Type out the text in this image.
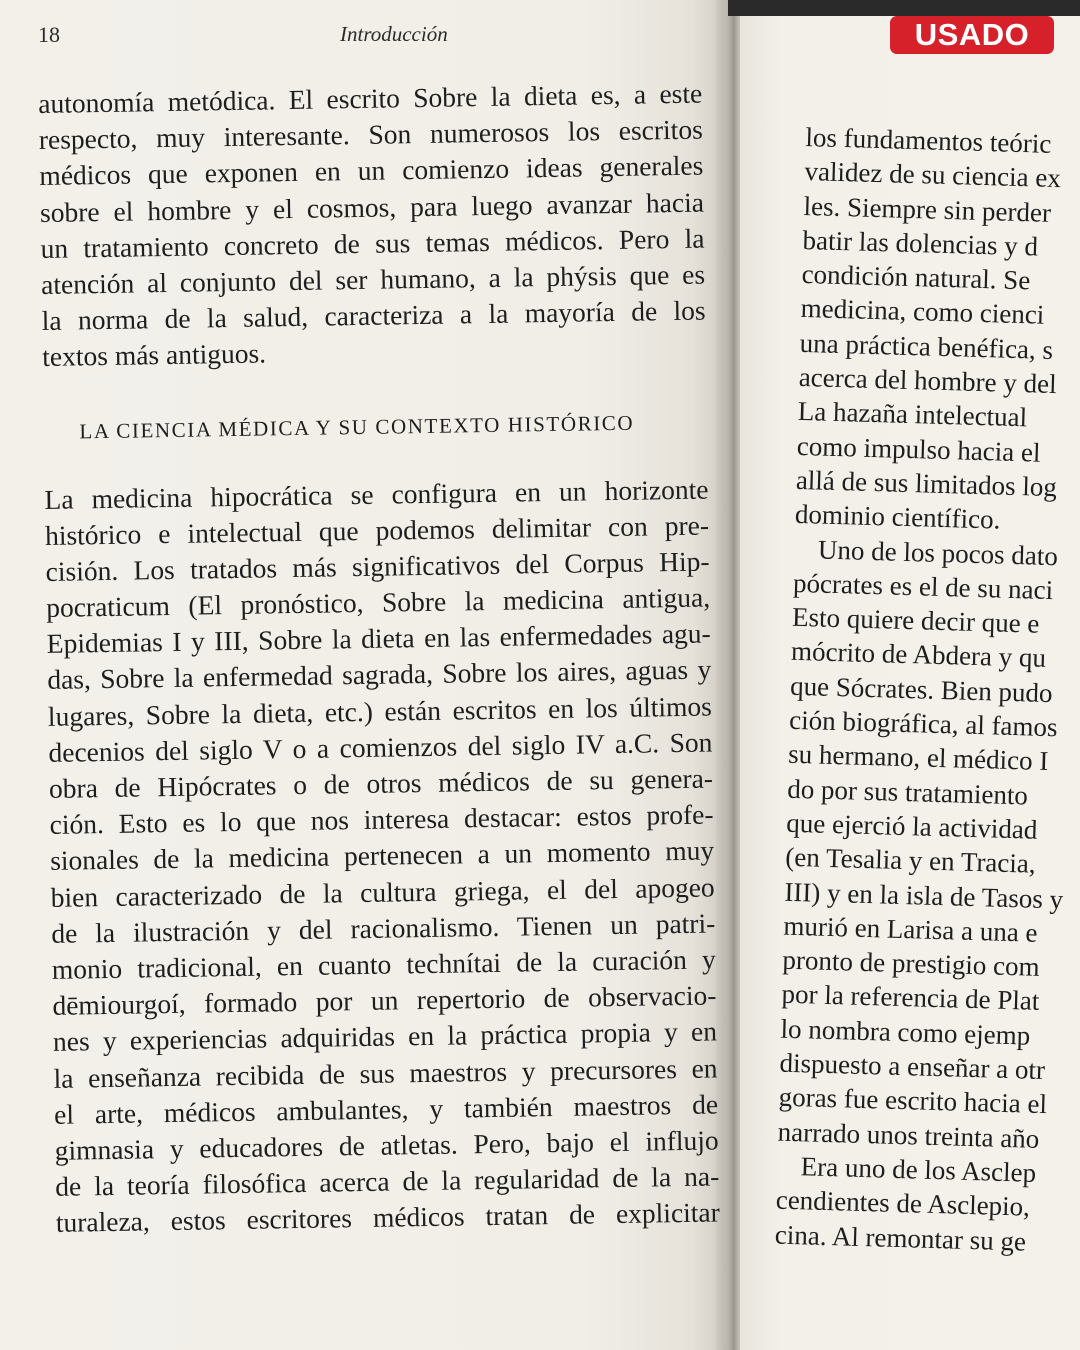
18	Introducción	USADO
autonomía metódica. El escrito Sobre la dieta es, a este
respecto, muy interesante. Son numerosos los escritos
médicos que exponen en un comienzo ideas generales
sobre el hombre y el cosmos, para luego avanzar hacia
un tratamiento concreto de sus temas médicos. Pero la
atención al conjunto del ser humano, a la phýsis que es
la norma de la salud, caracteriza a la mayoría de los
textos más antiguos.
LA CIENCIA MÉDICA Y SU CONTEXTO HISTÓRICO
La medicina hipocrática se configura en un horizonte
histórico e intelectual que podemos delimitar con pre-
cisión. Los tratados más significativos del Corpus Hip-
pocraticum (El pronóstico, Sobre la medicina antigua,
Epidemias I y III, Sobre la dieta en las enfermedades agu-
das, Sobre la enfermedad sagrada, Sobre los aires, aguas y
lugares, Sobre la dieta, etc.) están escritos en los últimos
decenios del siglo V o a comienzos del siglo IV a.C. Son
obra de Hipócrates o de otros médicos de su genera-
ción. Esto es lo que nos interesa destacar: estos profe-
sionales de la medicina pertenecen a un momento muy
bien caracterizado de la cultura griega, el del apogeo
de la ilustración y del racionalismo. Tienen un patri-
monio tradicional, en cuanto technítai de la curación y
dēmiourgoí, formado por un repertorio de observacio-
nes y experiencias adquiridas en la práctica propia y en
la enseñanza recibida de sus maestros y precursores en
el arte, médicos ambulantes, y también maestros de
gimnasia y educadores de atletas. Pero, bajo el influjo
de la teoría filosófica acerca de la regularidad de la na-
turaleza, estos escritores médicos tratan de explicitar
los fundamentos teóric
validez de su ciencia ex
les. Siempre sin perder
batir las dolencias y d
condición natural. Se
medicina, como cienci
una práctica benéfica, s
acerca del hombre y del
La hazaña intelectual
como impulso hacia el
allá de sus limitados log
dominio científico.
Uno de los pocos dato
pócrates es el de su naci
Esto quiere decir que e
mócrito de Abdera y qu
que Sócrates. Bien pudo
ción biográfica, al famos
su hermano, el médico I
do por sus tratamiento
que ejerció la actividad
(en Tesalia y en Tracia,
III) y en la isla de Tasos y
murió en Larisa a una e
pronto de prestigio com
por la referencia de Plat
lo nombra como ejemp
dispuesto a enseñar a otr
goras fue escrito hacia el
narrado unos treinta año
Era uno de los Asclep
cendientes de Asclepio,
cina. Al remontar su ge
